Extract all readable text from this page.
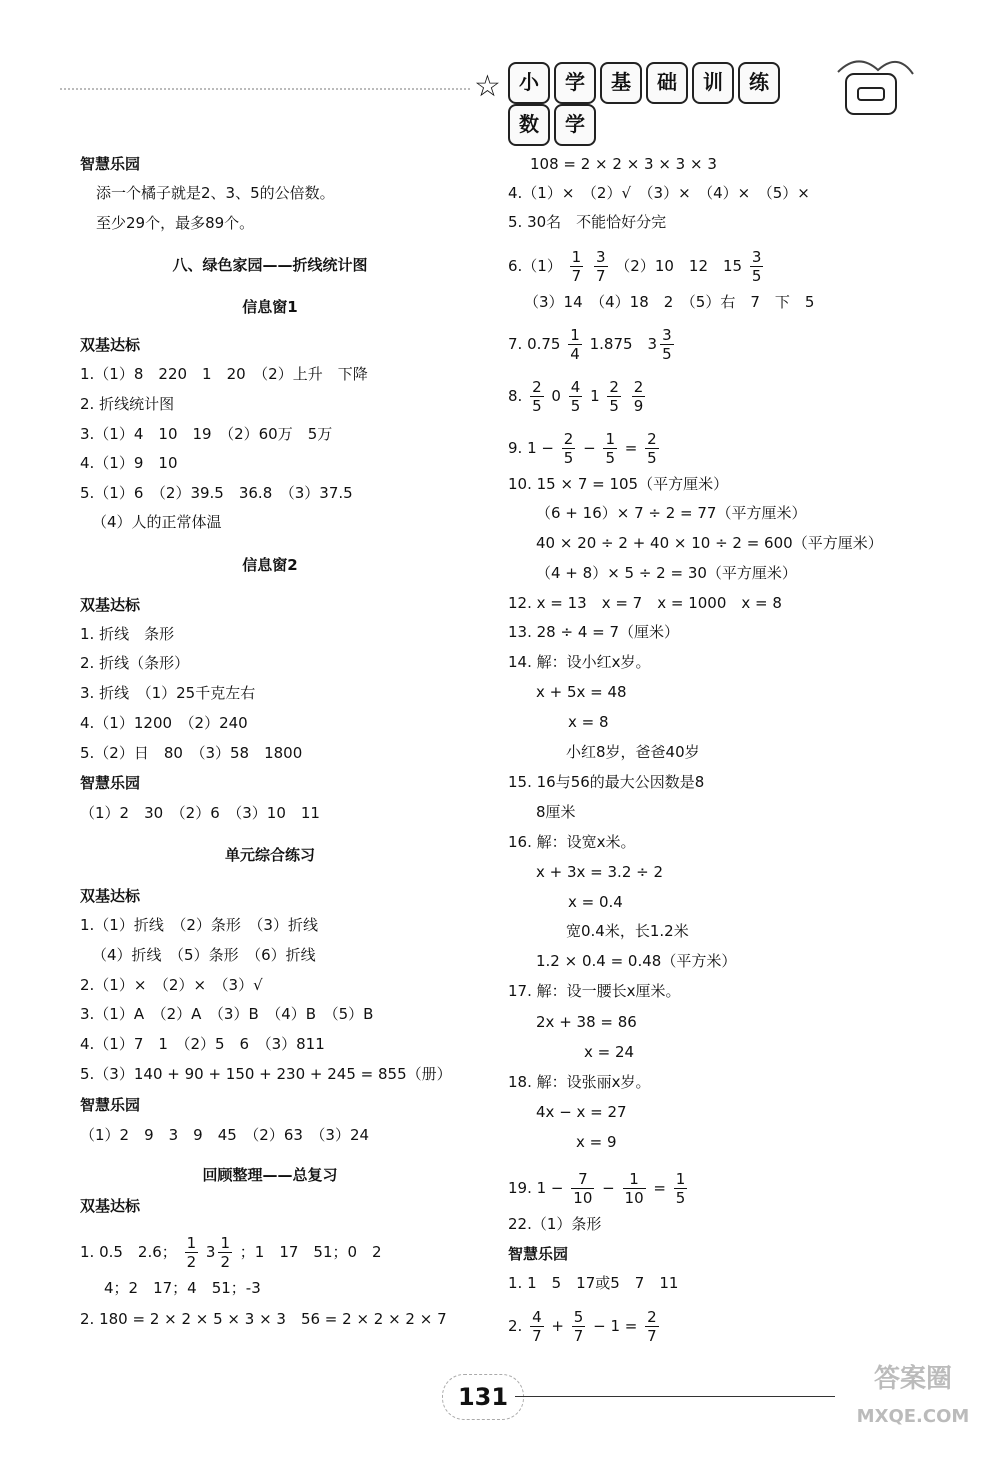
☆ 小 学 基 础 训 练数 学
智慧乐园
添一个橘子就是2、3、5的公倍数。
至少29个，最多89个。
八、绿色家园——折线统计图
信息窗1
双基达标
1.（1）8　220　1　20　（2）上升　下降
2. 折线统计图
3.（1）4　10　19　（2）60万　5万
4.（1）9　10
5.（1）6　（2）39.5　36.8　（3）37.5
（4）人的正常体温
信息窗2
双基达标
1. 折线　条形
2. 折线（条形）
3. 折线　（1）25千克左右
4.（1）1200　（2）240
5.（2）日　80　（3）58　1800
智慧乐园
（1）2　30　（2）6　（3）10　11
单元综合练习
双基达标
1.（1）折线　（2）条形　（3）折线
（4）折线　（5）条形　（6）折线
2.（1）×　（2）×　（3）√
3.（1）A　（2）A　（3）B　（4）B　（5）B
4.（1）7　1　（2）5　6　（3）811
5.（3）140 + 90 + 150 + 230 + 245 = 855（册）
智慧乐园
（1）2　9　3　9　45　（2）63　（3）24
回顾整理——总复习
双基达标
1. 0.5　2.6； $\frac{1}{2} 3 \frac{1}{2}$ ；1　17　51；0　2
4；2　17；4　51；-3
2. 180 = 2 × 2 × 5 × 3 × 3　56 = 2 × 2 × 2 × 7
108 = 2 × 2 × 3 × 3 × 3
4.（1）×　（2）√　（3）×　（4）×　（5）×
5. 30名　不能恰好分完
$6.(1) \frac{1}{7}$
$\frac{3}{7} (2)10$　12　$15 \frac{3}{5}$
（3）14　（4）18　2　（5）右　7　下　5
7. $0.75 \frac{1}{4} 1.875$　$3 \frac{3}{5}$
8. $\frac{2}{5} 0 \frac{4}{5} 1 \frac{2}{5}$
$\frac{2}{9}$
9. $1 - \frac{2}{5} - \frac{1}{5} = \frac{2}{5}$
10. 15 × 7 = 105（平方厘米）
（6 + 16）× 7 ÷ 2 = 77（平方厘米）
40 × 20 ÷ 2 + 40 × 10 ÷ 2 = 600（平方厘米）
（4 + 8）× 5 ÷ 2 = 30（平方厘米）
12. x = 13　x = 7　x = 1000　x = 8
13. 28 ÷ 4 = 7（厘米）
14. 解：设小红x岁。
x + 5x = 48
x = 8
小红8岁，爸爸40岁
15. 16与56的最大公因数是8
8厘米
16. 解：设宽x米。
x + 3x = 3.2 ÷ 2
x = 0.4
宽0.4米，长1.2米
1.2 × 0.4 = 0.48（平方米）
17. 解：设一腰长x厘米。
2x + 38 = 86
x = 24
18. 解：设张丽x岁。
4x − x = 27
x = 9
19. $1 - \frac{7}{10} - \frac{1}{10} = \frac{1}{5}$
22.（1）条形
智慧乐园
1. 1　5　17或5　7　11
2. $\frac{4}{7} + \frac{5}{7} - 1 = \frac{2}{7}$
131
答案圈
MXQE.COM
